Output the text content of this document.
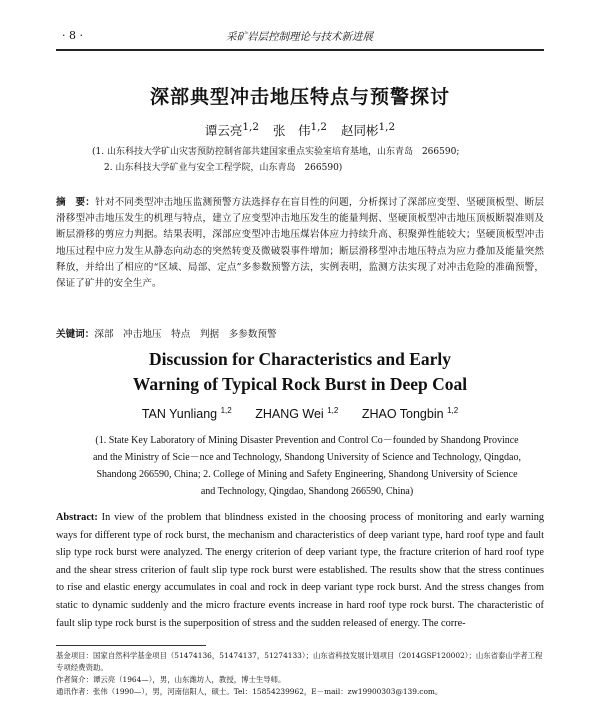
· 8 ·	采矿岩层控制理论与技术新进展
深部典型冲击地压特点与预警探讨
谭云亮$^{1,2}$ 张　伟$^{1,2}$ 赵同彬$^{1,2}$
(1. 山东科技大学矿山灾害预防控制省部共建国家重点实验室培育基地，山东青岛　266590;
2. 山东科技大学矿业与安全工程学院，山东青岛　266590)
摘　要：针对不同类型冲击地压监测预警方法选择存在盲目性的问题，分析探讨了深部应变型、坚硬顶板型、断层滑移型冲击地压发生的机理与特点，建立了应变型冲击地压发生的能量判据、坚硬顶板型冲击地压顶板断裂准则及断层滑移的剪应力判据。结果表明，深部应变型冲击地压煤岩体应力持续升高、积聚弹性能较大；坚硬顶板型冲击地压过程中应力发生从静态向动态的突然转变及微破裂事件增加；断层滑移型冲击地压特点为应力叠加及能量突然释放，并给出了相应的“区域、局部、定点”多参数预警方法，实例表明，监测方法实现了对冲击危险的准确预警，保证了矿井的安全生产。
关键词：深部　冲击地压　特点　判据　多参数预警
Discussion for Characteristics and Early
Warning of Typical Rock Burst in Deep Coal
TAN Yunliang $^{1,2}$ ZHANG Wei $^{1,2}$ ZHAO Tongbin $^{1,2}$
(1. State Key Laboratory of Mining Disaster Prevention and Control Co－founded by Shandong Province and the Ministry of Scie－nce and Technology, Shandong University of Science and Technology, Qingdao, Shandong 266590, China; 2. College of Mining and Safety Engineering, Shandong University of Science and Technology, Qingdao, Shandong 266590, China)
Abstract: In view of the problem that blindness existed in the choosing process of monitoring and early warning ways for different type of rock burst, the mechanism and characteristics of deep variant type, hard roof type and fault slip type rock burst were analyzed. The energy criterion of deep variant type, the fracture criterion of hard roof type and the shear stress criterion of fault slip type rock burst were established. The results show that the stress continues to rise and elastic energy accumulates in coal and rock in deep variant type rock burst. And the stress changes from static to dynamic suddenly and the micro fracture events increase in hard roof type rock burst. The characteristic of fault slip type rock burst is the superposition of stress and the sudden released of energy. The corre-

基金项目：国家自然科学基金项目（51474136，51474137，51274133）；山东省科技发展计划项目（2014GSF120002）；山东省泰山学者工程专项经费资助。

作者简介：谭云亮（1964—），男，山东潍坊人，教授，博士生导师。

通讯作者：张伟（1990—），男，河南信阳人，硕士。Tel：15854239962，E－mail：zw19900303@139.com。
